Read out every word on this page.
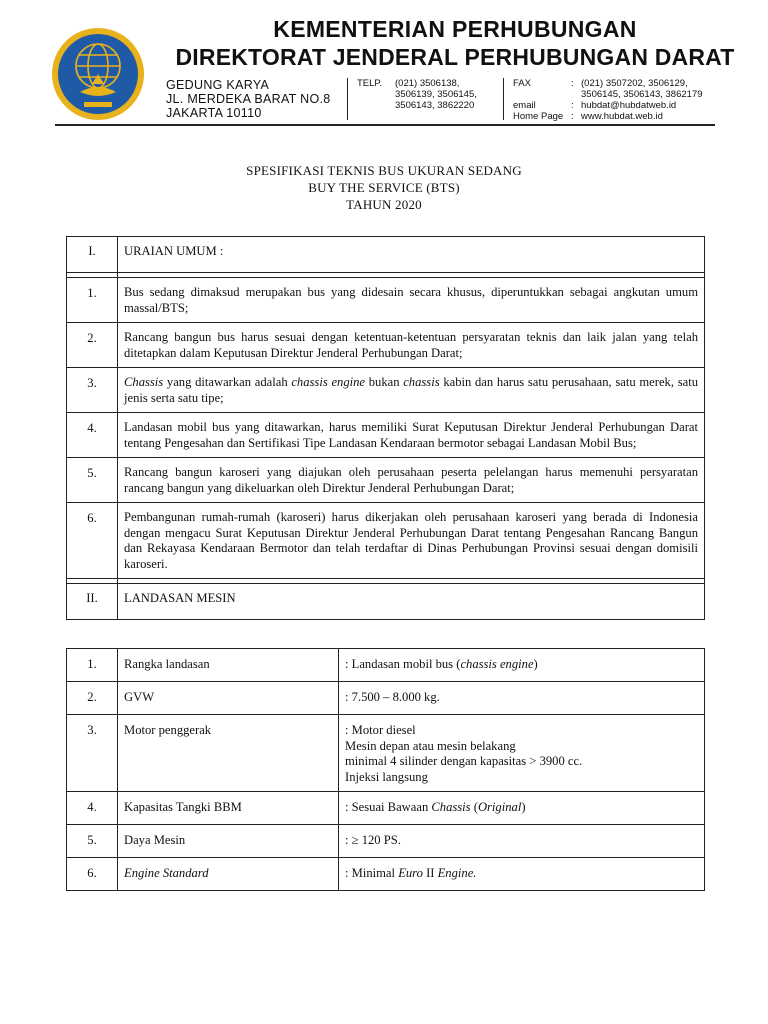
KEMENTERIAN PERHUBUNGAN
DIREKTORAT JENDERAL PERHUBUNGAN DARAT
GEDUNG KARYA
JL. MERDEKA BARAT NO.8
JAKARTA 10110
TELP.	(021) 3506138,
3506139, 3506145,
3506143, 3862220
FAX	: (021) 3507202, 3506129,
3506145, 3506143, 3862179
email	: hubdat@hubdatweb.id
Home Page : www.hubdat.web.id
SPESIFIKASI TEKNIS BUS UKURAN SEDANG
BUY THE SERVICE (BTS)
TAHUN 2020
I.	URAIAN UMUM :

1.	Bus sedang dimaksud merupakan bus yang didesain secara khusus, diperuntukkan sebagai angkutan umum massal/BTS;
2.	Rancang bangun bus harus sesuai dengan ketentuan-ketentuan persyaratan teknis dan laik jalan yang telah ditetapkan dalam Keputusan Direktur Jenderal Perhubungan Darat;
3.	Chassis yang ditawarkan adalah chassis engine bukan chassis kabin dan harus satu perusahaan, satu merek, satu jenis serta satu tipe;
4.	Landasan mobil bus yang ditawarkan, harus memiliki Surat Keputusan Direktur Jenderal Perhubungan Darat tentang Pengesahan dan Sertifikasi Tipe Landasan Kendaraan bermotor sebagai Landasan Mobil Bus;
5.	Rancang bangun karoseri yang diajukan oleh perusahaan peserta pelelangan harus memenuhi persyaratan rancang bangun yang dikeluarkan oleh Direktur Jenderal Perhubungan Darat;
6.	Pembangunan rumah-rumah (karoseri) harus dikerjakan oleh perusahaan karoseri yang berada di Indonesia dengan mengacu Surat Keputusan Direktur Jenderal Perhubungan Darat tentang Pengesahan Rancang Bangun dan Rekayasa Kendaraan Bermotor dan telah terdaftar di Dinas Perhubungan Provinsi sesuai dengan domisili karoseri.

II.	LANDASAN MESIN
1.	Rangka landasan	: Landasan mobil bus (chassis engine)
2.	GVW	: 7.500 – 8.000 kg.
3.	Motor penggerak	: Motor diesel
Mesin depan atau mesin belakang
minimal 4 silinder dengan kapasitas > 3900 cc.
Injeksi langsung
4.	Kapasitas Tangki BBM	: Sesuai Bawaan Chassis (Original)
5.	Daya Mesin	: ≥ 120 PS.
6.	Engine Standard	: Minimal Euro II Engine.
